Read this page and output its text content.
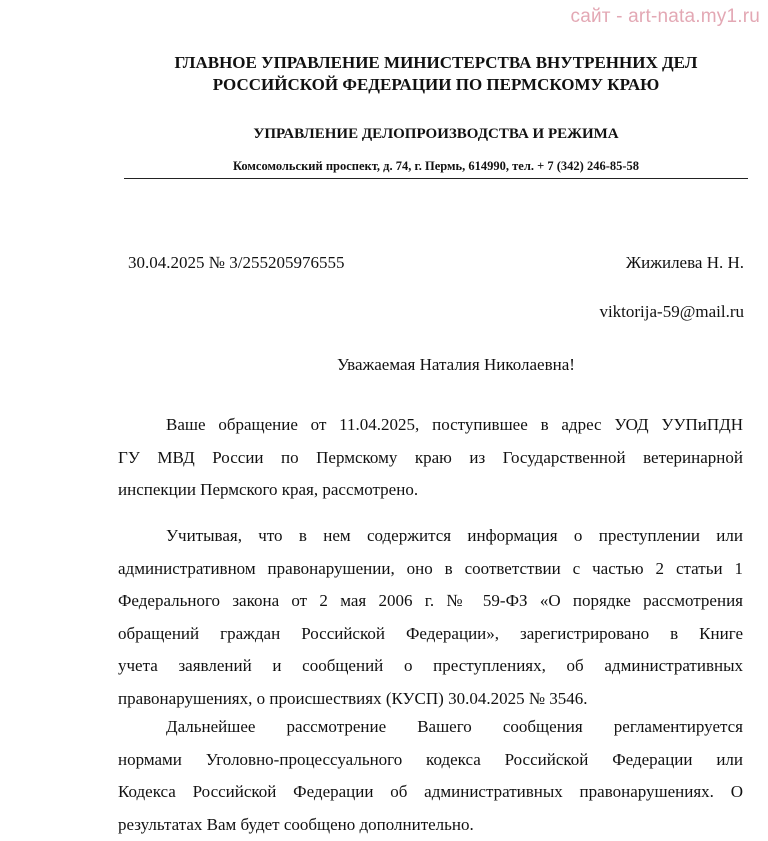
сайт - art-nata.my1.ru
ГЛАВНОЕ УПРАВЛЕНИЕ МИНИСТЕРСТВА ВНУТРЕННИХ ДЕЛ
РОССИЙСКОЙ ФЕДЕРАЦИИ ПО ПЕРМСКОМУ КРАЮ
УПРАВЛЕНИЕ ДЕЛОПРОИЗВОДСТВА И РЕЖИМА
Комсомольский проспект, д. 74, г. Пермь, 614990, тел. + 7 (342) 246-85-58
30.04.2025 № 3/255205976555	Жижилева Н. Н.
viktorija-59@mail.ru
Уважаемая Наталия Николаевна!
Ваше обращение от 11.04.2025, поступившее в адрес УОД УУПиПДН
ГУ МВД России по Пермскому краю из Государственной ветеринарной
инспекции Пермского края, рассмотрено.
Учитывая, что в нем содержится информация о преступлении или
административном правонарушении, оно в соответствии с частью 2 статьи 1
Федерального закона от 2 мая 2006 г. № 59-ФЗ «О порядке рассмотрения
обращений граждан Российской Федерации», зарегистрировано в Книге
учета заявлений и сообщений о преступлениях, об административных
правонарушениях, о происшествиях (КУСП) 30.04.2025 № 3546.
Дальнейшее рассмотрение Вашего сообщения регламентируется
нормами Уголовно-процессуального кодекса Российской Федерации или
Кодекса Российской Федерации об административных правонарушениях. О
результатах Вам будет сообщено дополнительно.
